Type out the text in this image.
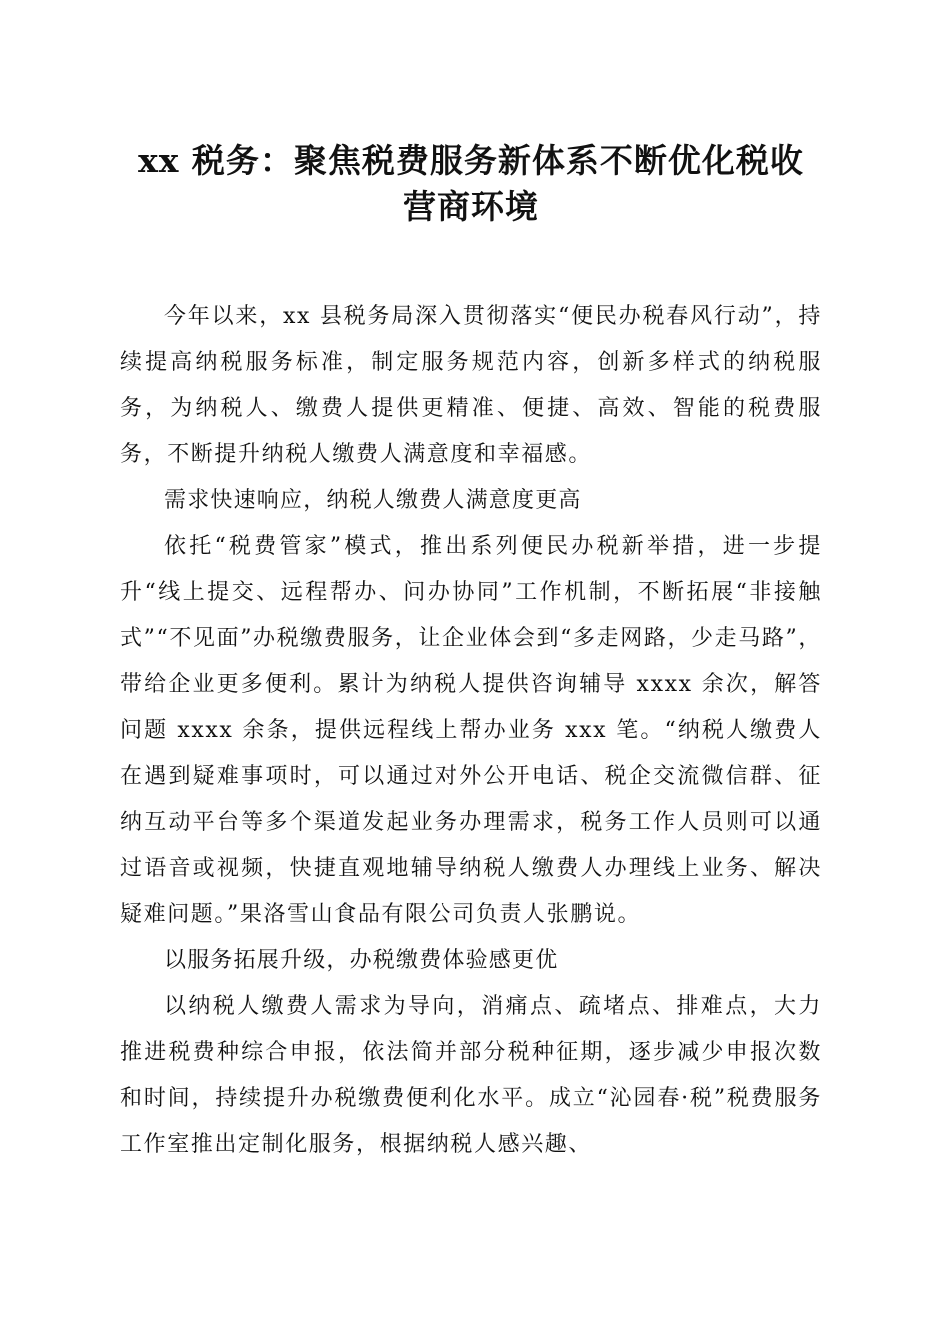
xx 税务：聚焦税费服务新体系不断优化税收
营商环境

今年以来，xx 县税务局深入贯彻落实“便民办税春风行动”，持续提高纳税服务标准，制定服务规范内容，创新多样式的纳税服务，为纳税人、缴费人提供更精准、便捷、高效、智能的税费服务，不断提升纳税人缴费人满意度和幸福感。

需求快速响应，纳税人缴费人满意度更高

依托“税费管家”模式，推出系列便民办税新举措，进一步提升“线上提交、远程帮办、问办协同”工作机制，不断拓展“非接触式”“不见面”办税缴费服务，让企业体会到“多走网路，少走马路”，带给企业更多便利。累计为纳税人提供咨询辅导 xxxx 余次，解答问题 xxxx 余条，提供远程线上帮办业务 xxx 笔。“纳税人缴费人在遇到疑难事项时，可以通过对外公开电话、税企交流微信群、征纳互动平台等多个渠道发起业务办理需求，税务工作人员则可以通过语音或视频，快捷直观地辅导纳税人缴费人办理线上业务、解决疑难问题。”果洛雪山食品有限公司负责人张鹏说。

以服务拓展升级，办税缴费体验感更优

以纳税人缴费人需求为导向，消痛点、疏堵点、排难点，大力推进税费种综合申报，依法简并部分税种征期，逐步减少申报次数和时间，持续提升办税缴费便利化水平。成立“沁园春·税”税费服务工作室推出定制化服务，根据纳税人感兴趣、
